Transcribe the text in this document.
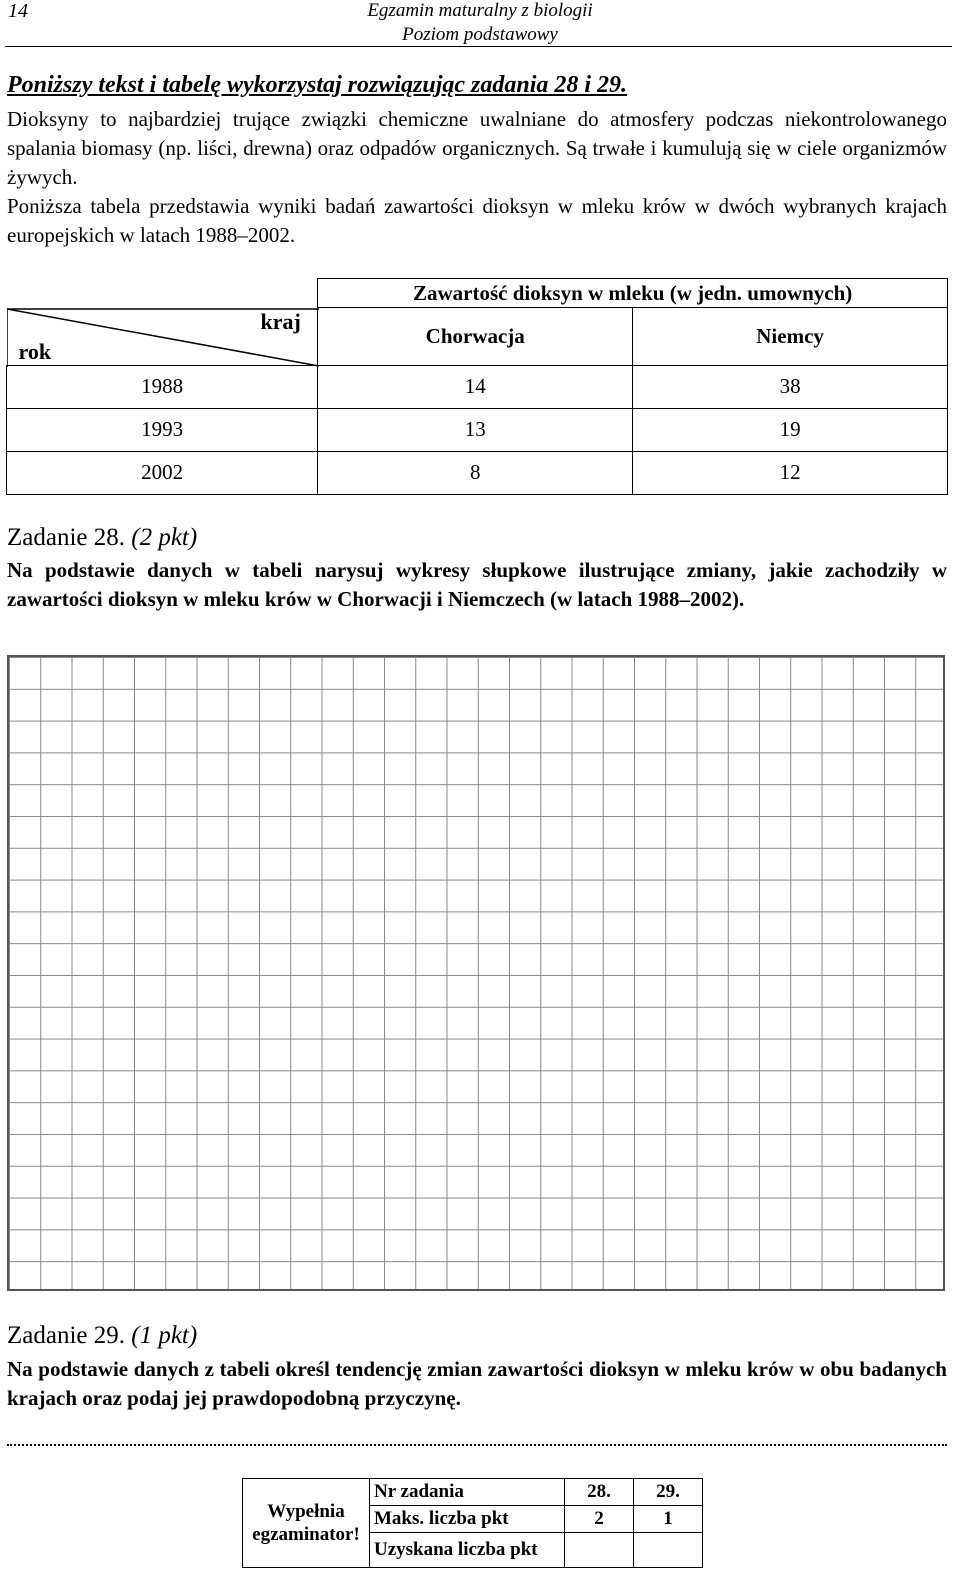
14	Egzamin maturalny z biologii
Poziom podstawowy
Poniższy tekst i tabelę wykorzystaj rozwiązując zadania 28 i 29.
Dioksyny to najbardziej trujące związki chemiczne uwalniane do atmosfery podczas niekontrolowanego spalania biomasy (np. liści, drewna) oraz odpadów organicznych. Są trwałe i kumulują się w ciele organizmów żywych.
Poniższa tabela przedstawia wyniki badań zawartości dioksyn w mleku krów w dwóch wybranych krajach europejskich w latach 1988–2002.
kraj
rok	Zawartość dioksyn w mleku (w jedn. umownych)	
	Chorwacja	Niemcy
1988	14	38
1993	13	19
2002	8	12
Zadanie 28. (2 pkt)
Na podstawie danych w tabeli narysuj wykresy słupkowe ilustrujące zmiany, jakie zachodziły w zawartości dioksyn w mleku krów w Chorwacji i Niemczech (w latach 1988–2002).
Zadanie 29. (1 pkt)
Na podstawie danych z tabeli określ tendencję zmian zawartości dioksyn w mleku krów w obu badanych krajach oraz podaj jej prawdopodobną przyczynę.
Wypełnia egzaminator!	Nr zadania	28.	29.
	Maks. liczba pkt	2	1
	Uzyskana liczba pkt		
